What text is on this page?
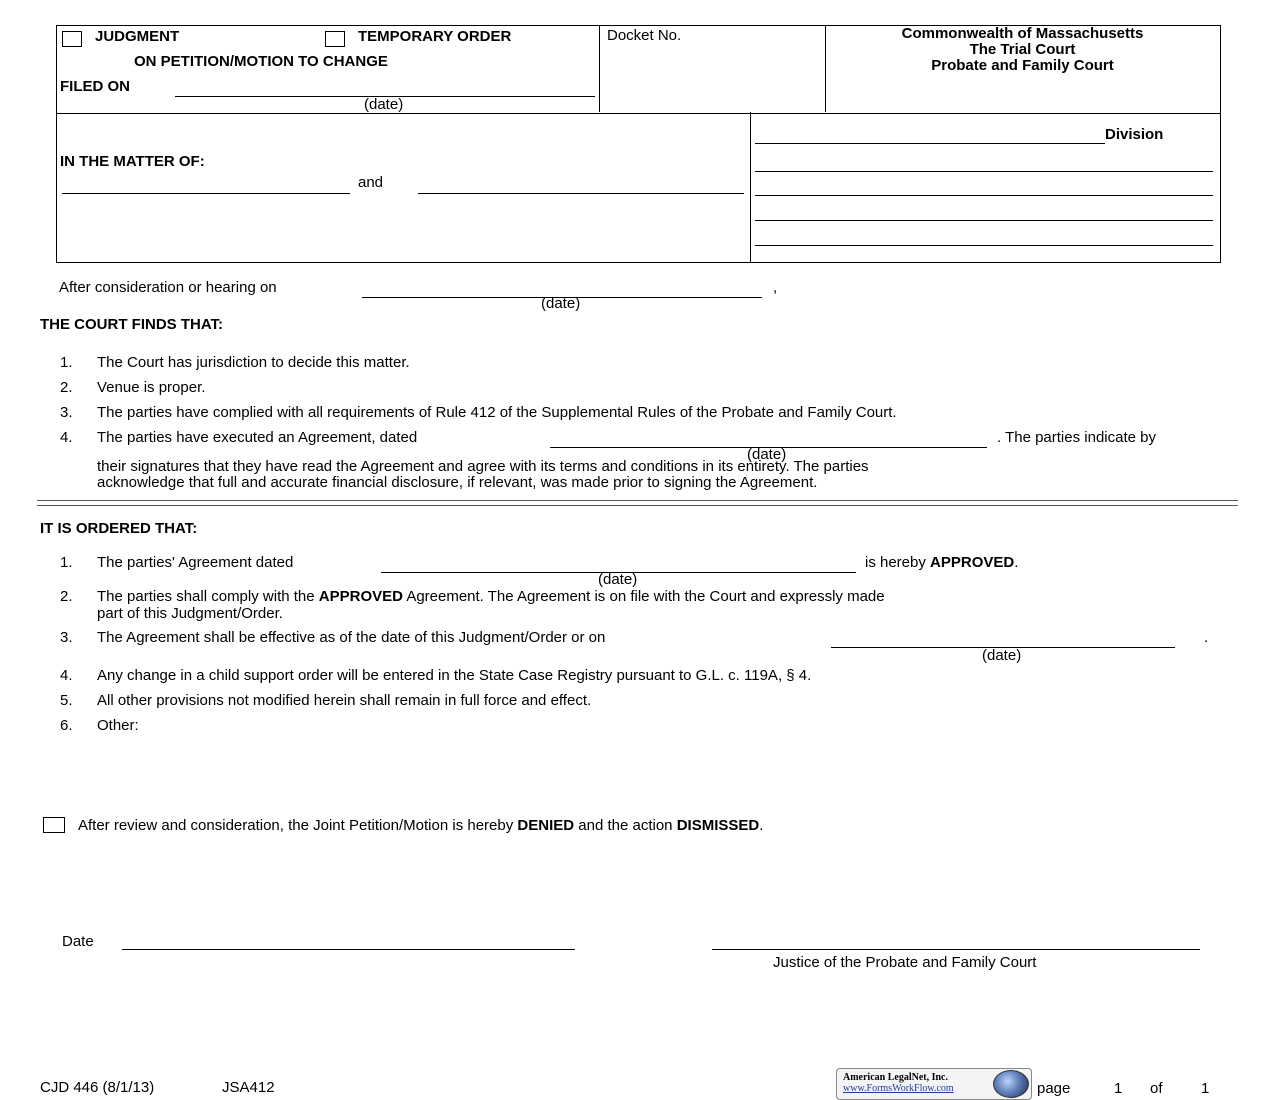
JUDGMENT	TEMPORARY ORDER
ON PETITION/MOTION TO CHANGE
FILED ON
(date)
Docket No.	Commonwealth of Massachusetts
The Trial Court
Probate and Family Court
IN THE MATTER OF:
and
Division
After consideration or hearing on	,
(date)
THE COURT FINDS THAT:
1. The Court has jurisdiction to decide this matter.
2. Venue is proper.
3. The parties have complied with all requirements of Rule 412 of the Supplemental Rules of the Probate and Family Court.
4. The parties have executed an Agreement, dated	. The parties indicate by
(date)
their signatures that they have read the Agreement and agree with its terms and conditions in its entirety. The parties
acknowledge that full and accurate financial disclosure, if relevant, was made prior to signing the Agreement.
IT IS ORDERED THAT:
1. The parties' Agreement dated	is hereby APPROVED.
(date)
2. The parties shall comply with the APPROVED Agreement. The Agreement is on file with the Court and expressly made
part of this Judgment/Order.
3. The Agreement shall be effective as of the date of this Judgment/Order or on	.
(date)
4. Any change in a child support order will be entered in the State Case Registry pursuant to G.L. c. 119A, § 4.
5. All other provisions not modified herein shall remain in full force and effect.
6. Other:
After review and consideration, the Joint Petition/Motion is hereby DENIED and the action DISMISSED.
Date
Justice of the Probate and Family Court
CJD 446 (8/1/13)	JSA412
American LegalNet, Inc.
www.FormsWorkFlow.com	page	1 of	1
